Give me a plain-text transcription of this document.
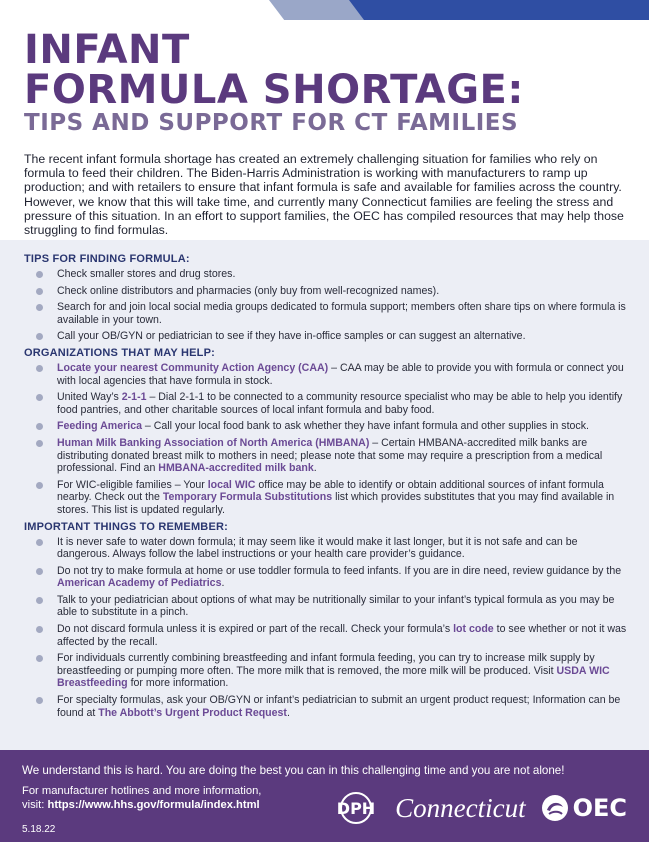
INFANT
FORMULA SHORTAGE:
TIPS AND SUPPORT FOR CT FAMILIES

The recent infant formula shortage has created an extremely challenging situation for families who rely on formula to feed their children. The Biden-Harris Administration is working with manufacturers to ramp up production; and with retailers to ensure that infant formula is safe and available for families across the country. However, we know that this will take time, and currently many Connecticut families are feeling the stress and pressure of this situation. In an effort to support families, the OEC has compiled resources that may help those struggling to find formulas.

TIPS FOR FINDING FORMULA:
Check smaller stores and drug stores.
Check online distributors and pharmacies (only buy from well-recognized names).
Search for and join local social media groups dedicated to formula support; members often share tips on where formula is available in your town.
Call your OB/GYN or pediatrician to see if they have in-office samples or can suggest an alternative.
ORGANIZATIONS THAT MAY HELP:
Locate your nearest Community Action Agency (CAA) – CAA may be able to provide you with formula or connect you with local agencies that have formula in stock.
United Way’s 2-1-1 – Dial 2-1-1 to be connected to a community resource specialist who may be able to help you identify food pantries, and other charitable sources of local infant formula and baby food.
Feeding America – Call your local food bank to ask whether they have infant formula and other supplies in stock.
Human Milk Banking Association of North America (HMBANA) – Certain HMBANA-accredited milk banks are distributing donated breast milk to mothers in need; please note that some may require a prescription from a medical professional. Find an HMBANA-accredited milk bank.
For WIC-eligible families – Your local WIC office may be able to identify or obtain additional sources of infant formula nearby. Check out the Temporary Formula Substitutions list which provides substitutes that you may find available in stores. This list is updated regularly.
IMPORTANT THINGS TO REMEMBER:
It is never safe to water down formula; it may seem like it would make it last longer, but it is not safe and can be dangerous. Always follow the label instructions or your health care provider’s guidance.
Do not try to make formula at home or use toddler formula to feed infants. If you are in dire need, review guidance by the American Academy of Pediatrics.
Talk to your pediatrician about options of what may be nutritionally similar to your infant’s typical formula as you may be able to substitute in a pinch.
Do not discard formula unless it is expired or part of the recall. Check your formula’s lot code to see whether or not it was affected by the recall.
For individuals currently combining breastfeeding and infant formula feeding, you can try to increase milk supply by breastfeeding or pumping more often. The more milk that is removed, the more milk will be produced. Visit USDA WIC Breastfeeding for more information.
For specialty formulas, ask your OB/GYN or infant’s pediatrician to submit an urgent product request; Information can be found at The Abbott’s Urgent Product Request.
We understand this is hard. You are doing the best you can in this challenging time and you are not alone!
For manufacturer hotlines and more information,
visit: https://www.hhs.gov/formula/index.html
5.18.22
DPH Connecticut OEC
